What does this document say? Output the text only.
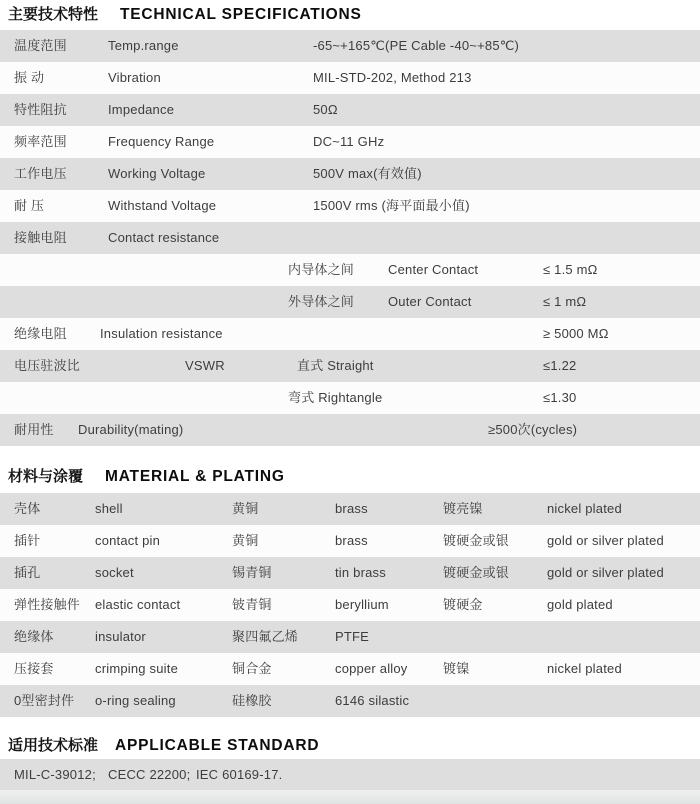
主要技术特性 TECHNICAL SPECIFICATIONS
温度范围	Temp.range	-65~+165℃(PE Cable -40~+85℃)
振 动	Vibration	MIL-STD-202, Method 213
特性阻抗	Impedance	50Ω
频率范围	Frequency Range	DC~11 GHz
工作电压	Working Voltage	500V max(有效值)
耐 压	Withstand Voltage	1500V rms (海平面最小值)
接触电阻	Contact resistance
内导体之间	Center Contact	≤ 1.5 mΩ
外导体之间	Outer Contact	≤ 1 mΩ
绝缘电阻	Insulation resistance	≥ 5000 MΩ
电压驻波比	VSWR	直式 Straight	≤1.22
弯式 Rightangle	≤1.30
耐用性 Durability(mating)	≥500次(cycles)
材料与涂覆 MATERIAL & PLATING
壳体	shell	黄铜	brass	镀亮镍	nickel plated
插针	contact pin	黄铜	brass	镀硬金或银	gold or silver plated
插孔	socket	锡青铜	tin brass	镀硬金或银	gold or silver plated
弹性接触件 elastic contact	铍青铜	beryllium	镀硬金	gold plated
绝缘体	insulator	聚四氟乙烯	PTFE
压接套	crimping suite	铜合金	copper alloy	镀镍	nickel plated
0型密封件 o-ring sealing	硅橡胶	6146 silastic
适用技术标准 APPLICABLE STANDARD
MIL-C-39012; CECC 22200; IEC 60169-17.
